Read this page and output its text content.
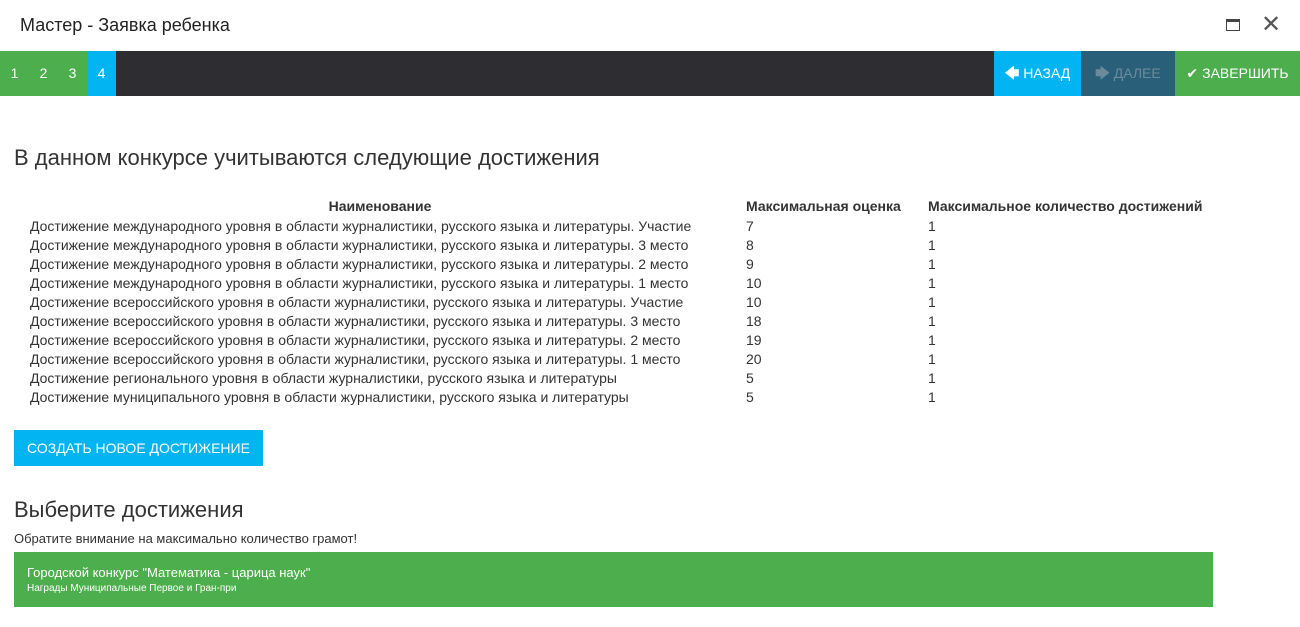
Мастер - Заявка ребенка	✕
1	2	3	4	🡄 НАЗАД	🡆 ДАЛЕЕ	✔ ЗАВЕРШИТЬ
В данном конкурсе учитываются следующие достижения
Наименование	Максимальная оценка	Максимальное количество достижений
Достижение международного уровня в области журналистики, русского языка и литературы. Участие	7	1
Достижение международного уровня в области журналистики, русского языка и литературы. 3 место	8	1
Достижение международного уровня в области журналистики, русского языка и литературы. 2 место	9	1
Достижение международного уровня в области журналистики, русского языка и литературы. 1 место	10	1
Достижение всероссийского уровня в области журналистики, русского языка и литературы. Участие	10	1
Достижение всероссийского уровня в области журналистики, русского языка и литературы. 3 место	18	1
Достижение всероссийского уровня в области журналистики, русского языка и литературы. 2 место	19	1
Достижение всероссийского уровня в области журналистики, русского языка и литературы. 1 место	20	1
Достижение регионального уровня в области журналистики, русского языка и литературы	5	1
Достижение муниципального уровня в области журналистики, русского языка и литературы	5	1
СОЗДАТЬ НОВОЕ ДОСТИЖЕНИЕ
Выберите достижения
Обратите внимание на максимально количество грамот!
Городской конкурс "Математика - царица наук"
Награды Муниципальные Первое и Гран-при
